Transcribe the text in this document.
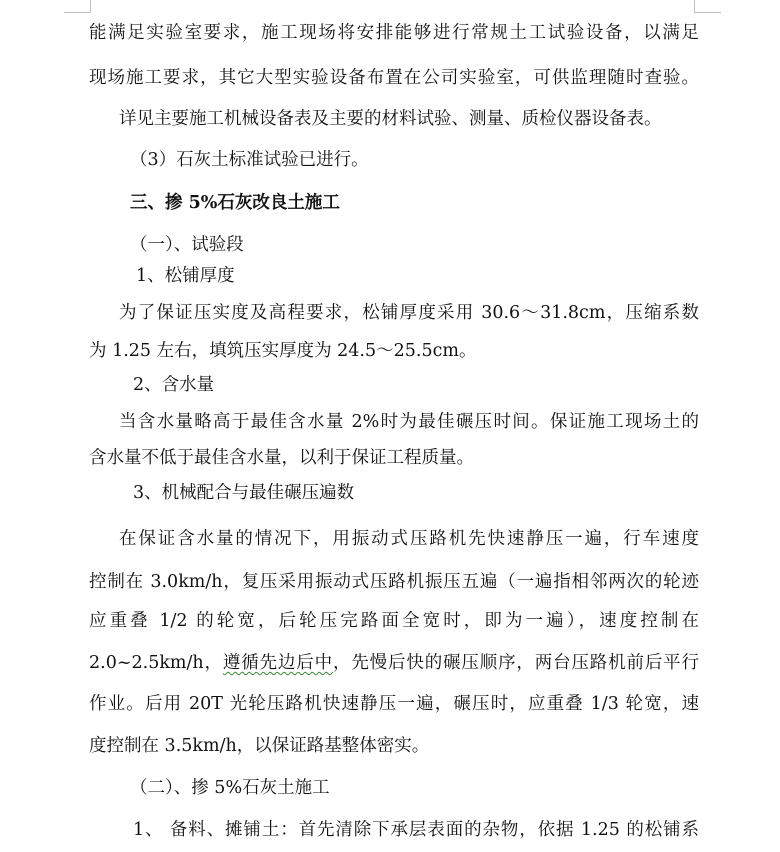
能满足实验室要求，施工现场将安排能够进行常规土工试验设备，以满足
现场施工要求，其它大型实验设备布置在公司实验室，可供监理随时查验。
详见主要施工机械设备表及主要的材料试验、测量、质检仪器设备表。
（3）石灰土标准试验已进行。
三、掺 5%石灰改良土施工
（一）、试验段
1、松铺厚度
为了保证压实度及高程要求，松铺厚度采用 30.6～31.8cm，压缩系数
为 1.25 左右，填筑压实厚度为 24.5～25.5cm。
2、含水量
当含水量略高于最佳含水量 2%时为最佳碾压时间。保证施工现场土的
含水量不低于最佳含水量，以利于保证工程质量。
3、机械配合与最佳碾压遍数
在保证含水量的情况下，用振动式压路机先快速静压一遍，行车速度
控制在 3.0km/h，复压采用振动式压路机振压五遍（一遍指相邻两次的轮迹
应重叠 1/2 的轮宽，后轮压完路面全宽时，即为一遍），速度控制在
2.0~2.5km/h，遵循先边后中，先慢后快的碾压顺序，两台压路机前后平行
作业。后用 20T 光轮压路机快速静压一遍，碾压时，应重叠 1/3 轮宽，速
度控制在 3.5km/h，以保证路基整体密实。
（二）、掺 5%石灰土施工
1、 备料、摊铺土：首先清除下承层表面的杂物，依据 1.25 的松铺系
